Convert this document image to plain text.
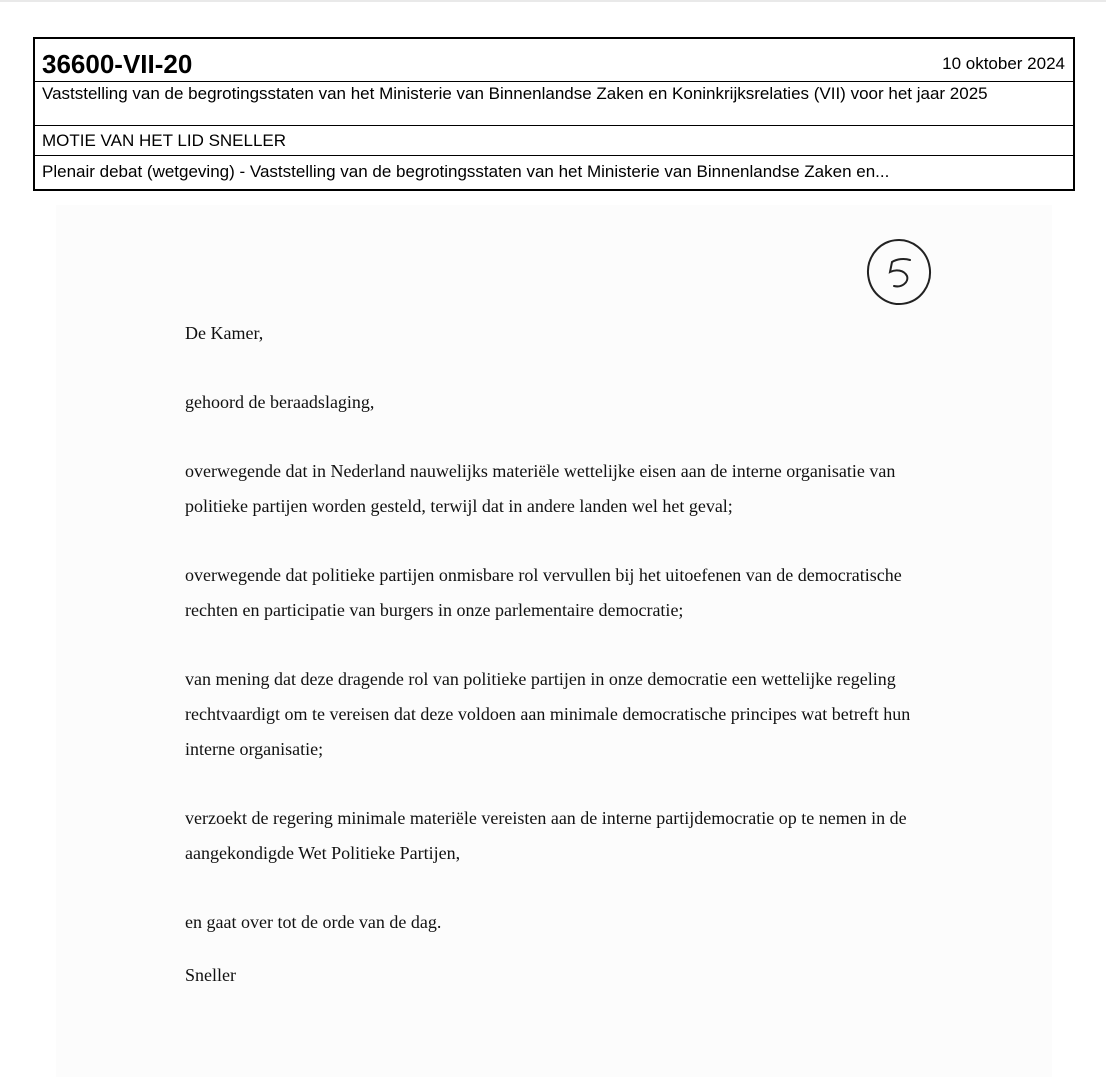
36600-VII-20	10 oktober 2024
Vaststelling van de begrotingsstaten van het Ministerie van Binnenlandse Zaken en Koninkrijksrelaties (VII) voor het jaar 2025
MOTIE VAN HET LID SNELLER
Plenair debat (wetgeving) - Vaststelling van de begrotingsstaten van het Ministerie van Binnenlandse Zaken en...

De Kamer,

gehoord de beraadslaging,

overwegende dat in Nederland nauwelijks materiële wettelijke eisen aan de interne organisatie van politieke partijen worden gesteld, terwijl dat in andere landen wel het geval;

overwegende dat politieke partijen onmisbare rol vervullen bij het uitoefenen van de democratische rechten en participatie van burgers in onze parlementaire democratie;

van mening dat deze dragende rol van politieke partijen in onze democratie een wettelijke regeling rechtvaardigt om te vereisen dat deze voldoen aan minimale democratische principes wat betreft hun interne organisatie;

verzoekt de regering minimale materiële vereisten aan de interne partijdemocratie op te nemen in de aangekondigde Wet Politieke Partijen,

en gaat over tot de orde van de dag.

Sneller
